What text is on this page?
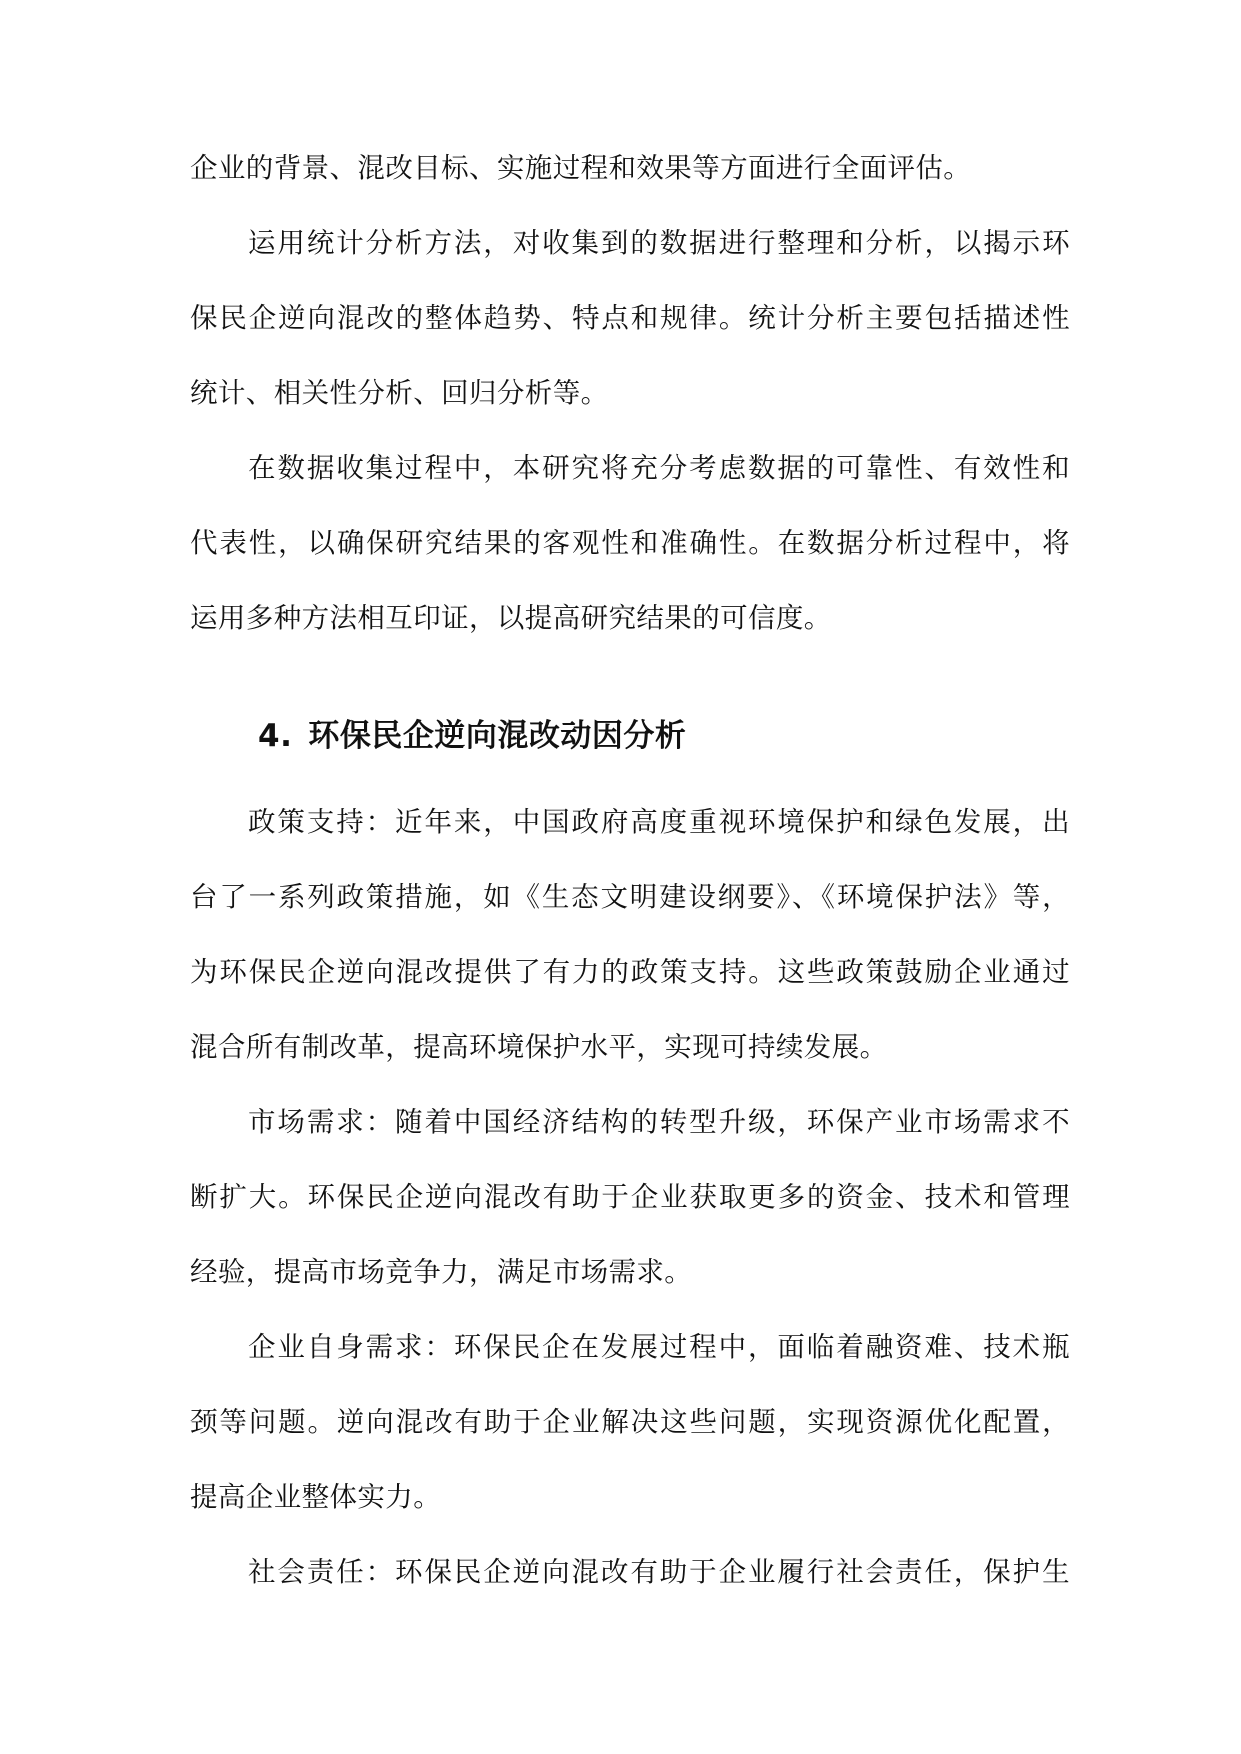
企业的背景、混改目标、实施过程和效果等方面进行全面评估。
运用统计分析方法，对收集到的数据进行整理和分析，以揭示环
保民企逆向混改的整体趋势、特点和规律。统计分析主要包括描述性
统计、相关性分析、回归分析等。
在数据收集过程中，本研究将充分考虑数据的可靠性、有效性和
代表性，以确保研究结果的客观性和准确性。在数据分析过程中，将
运用多种方法相互印证，以提高研究结果的可信度。
4. 环保民企逆向混改动因分析
政策支持：近年来，中国政府高度重视环境保护和绿色发展，出
台了一系列政策措施，如《生态文明建设纲要》、《环境保护法》等，
为环保民企逆向混改提供了有力的政策支持。这些政策鼓励企业通过
混合所有制改革，提高环境保护水平，实现可持续发展。
市场需求：随着中国经济结构的转型升级，环保产业市场需求不
断扩大。环保民企逆向混改有助于企业获取更多的资金、技术和管理
经验，提高市场竞争力，满足市场需求。
企业自身需求：环保民企在发展过程中，面临着融资难、技术瓶
颈等问题。逆向混改有助于企业解决这些问题，实现资源优化配置，
提高企业整体实力。
社会责任：环保民企逆向混改有助于企业履行社会责任，保护生
